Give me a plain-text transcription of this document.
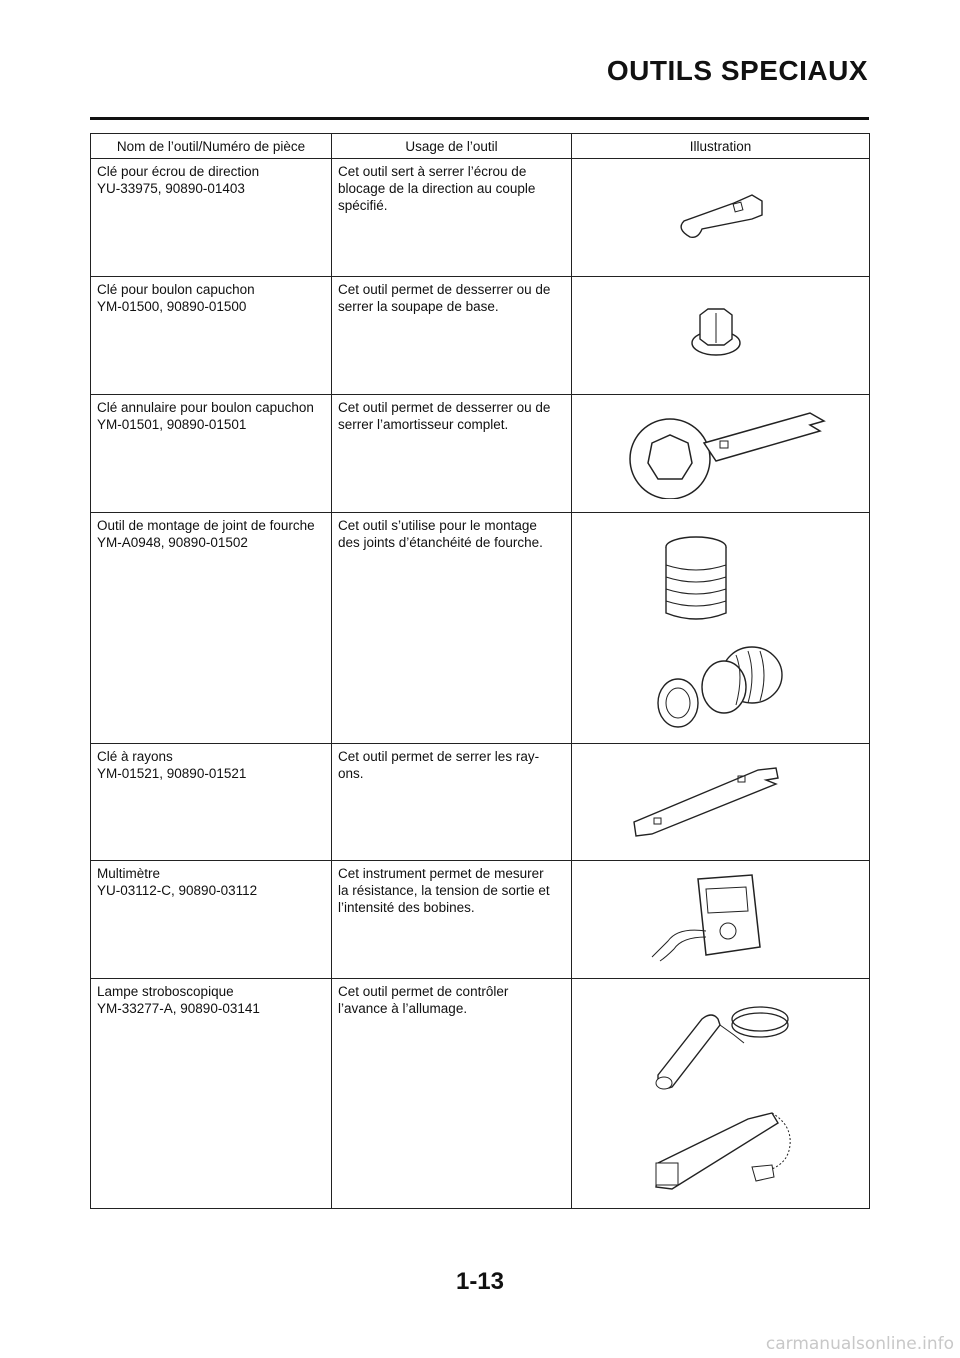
OUTILS SPECIAUX
Nom de l’outil/Numéro de pièce	Usage de l’outil	Illustration

Clé pour écrou de direction
YU-33975, 90890-01403	Cet outil sert à serrer l’écrou de
blocage de la direction au couple
spécifié.

Clé pour boulon capuchon
YM-01500, 90890-01500	Cet outil permet de desserrer ou de
serrer la soupape de base.

Clé annulaire pour boulon capuchon
YM-01501, 90890-01501	Cet outil permet de desserrer ou de
serrer l’amortisseur complet.

Outil de montage de joint de fourche
YM-A0948, 90890-01502	Cet outil s’utilise pour le montage
des joints d’étanchéité de fourche.

Clé à rayons
YM-01521, 90890-01521	Cet outil permet de serrer les ray-
ons.

Multimètre
YU-03112-C, 90890-03112	Cet instrument permet de mesurer
la résistance, la tension de sortie et
l’intensité des bobines.

Lampe stroboscopique
YM-33277-A, 90890-03141	Cet outil permet de contrôler
l’avance à l’allumage.

1-13
carmanualsonline.info
